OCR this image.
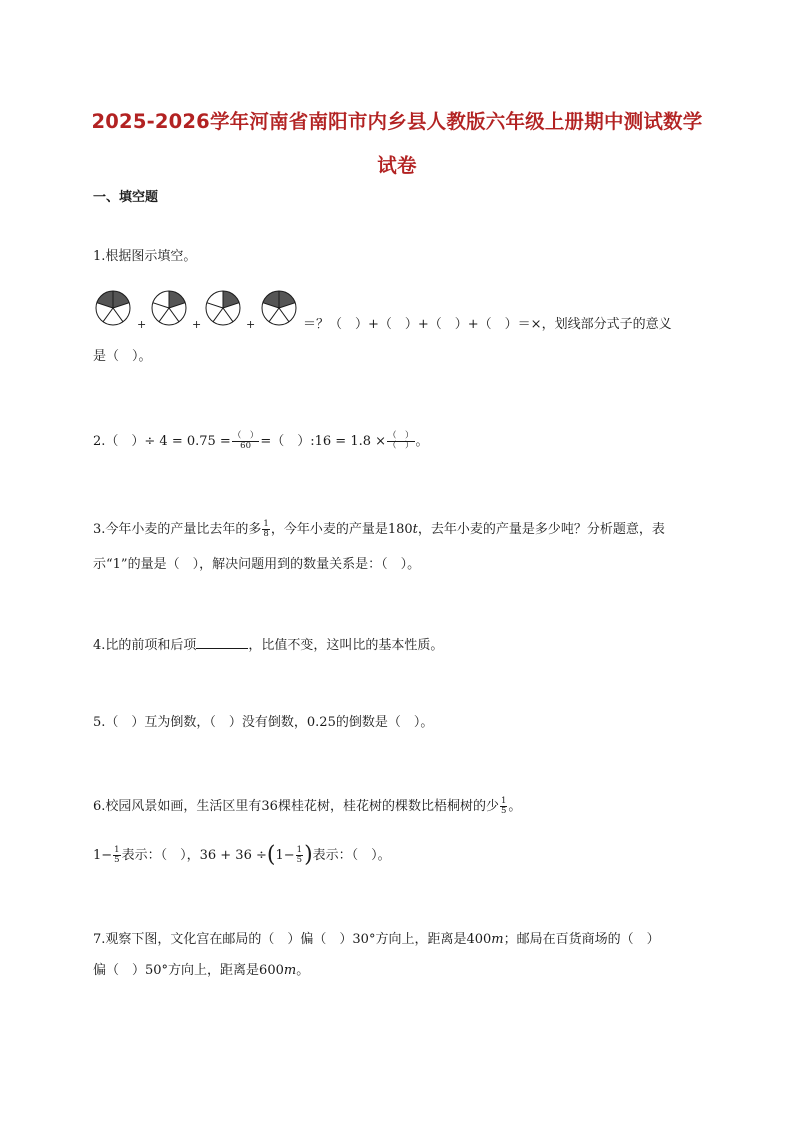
2025-2026学年河南省南阳市内乡县人教版六年级上册期中测试数学
试卷
一、填空题
1.根据图示填空。
+	+	+	＝？（　）+（　）+（　）+（　）＝×，划线部分式子的意义
是（　）。
2.（　）÷ $4 = 0.75 = \frac{( )}{60}$ =（　）:16 = $1.8 \times \frac{( )}{( )}$ 。
3.今年小麦的产量比去年的多 $\frac{1}{8}$ ，今年小麦的产量是180t，去年小麦的产量是多少吨？分析题意，表
示“1”的量是（　），解决问题用到的数量关系是：（　）。
4.比的前项和后项	，比值不变，这叫比的基本性质。
5.（　）互为倒数，（　）没有倒数，0.25的倒数是（　）。
6.校园风景如画，生活区里有36棵桂花树，桂花树的棵数比梧桐树的少 $\frac{1}{5}$ 。
$1- \frac{1}{5}$ 表示：（　），$36 + 36 \div(1- \frac{1}{5}$ )表示：（　）。
7.观察下图，文化宫在邮局的（　）偏（　）30°方向上，距离是400m；邮局在百货商场的（　）
偏（　）50°方向上，距离是600m。
